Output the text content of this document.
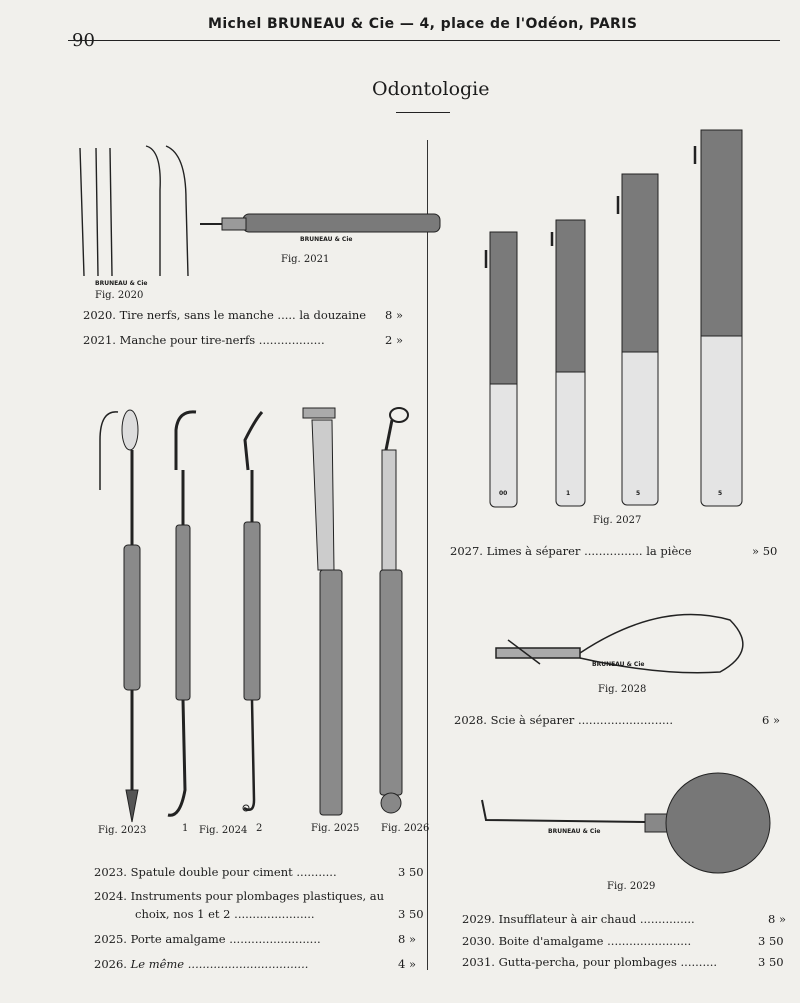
90
Michel BRUNEAU & Cie — 4, place de l'Odéon, PARIS
Odontologie
BRUNEAU & Cie
BRUNEAU & Cie
BRUNEAU & Cie
BRUNEAU & Cie
00	1	5	5
Fig. 2020
Fig. 2021
Fig. 2023	1 Fig. 2024 2	Fig. 2025 Fig. 2026
Fig. 2027
Fig. 2028
Fig. 2029
2020. Tire nerfs, sans le manche ..... la douzaine 8 »
2021. Manche pour tire-nerfs ..................	2 »
2023. Spatule double pour ciment ...........	3 50
2024. Instruments pour plombages plastiques, au
choix, nos 1 et 2 ......................	3 50
2025. Porte amalgame .........................	8 »
2026. Le même .................................	4 »
2027. Limes à séparer ................ la pièce	» 50
2028. Scie à séparer ..........................	6 »
2029. Insufflateur à air chaud ...............	8 »
2030. Boite d'amalgame .......................	3 50
2031. Gutta-percha, pour plombages ..........	3 50
